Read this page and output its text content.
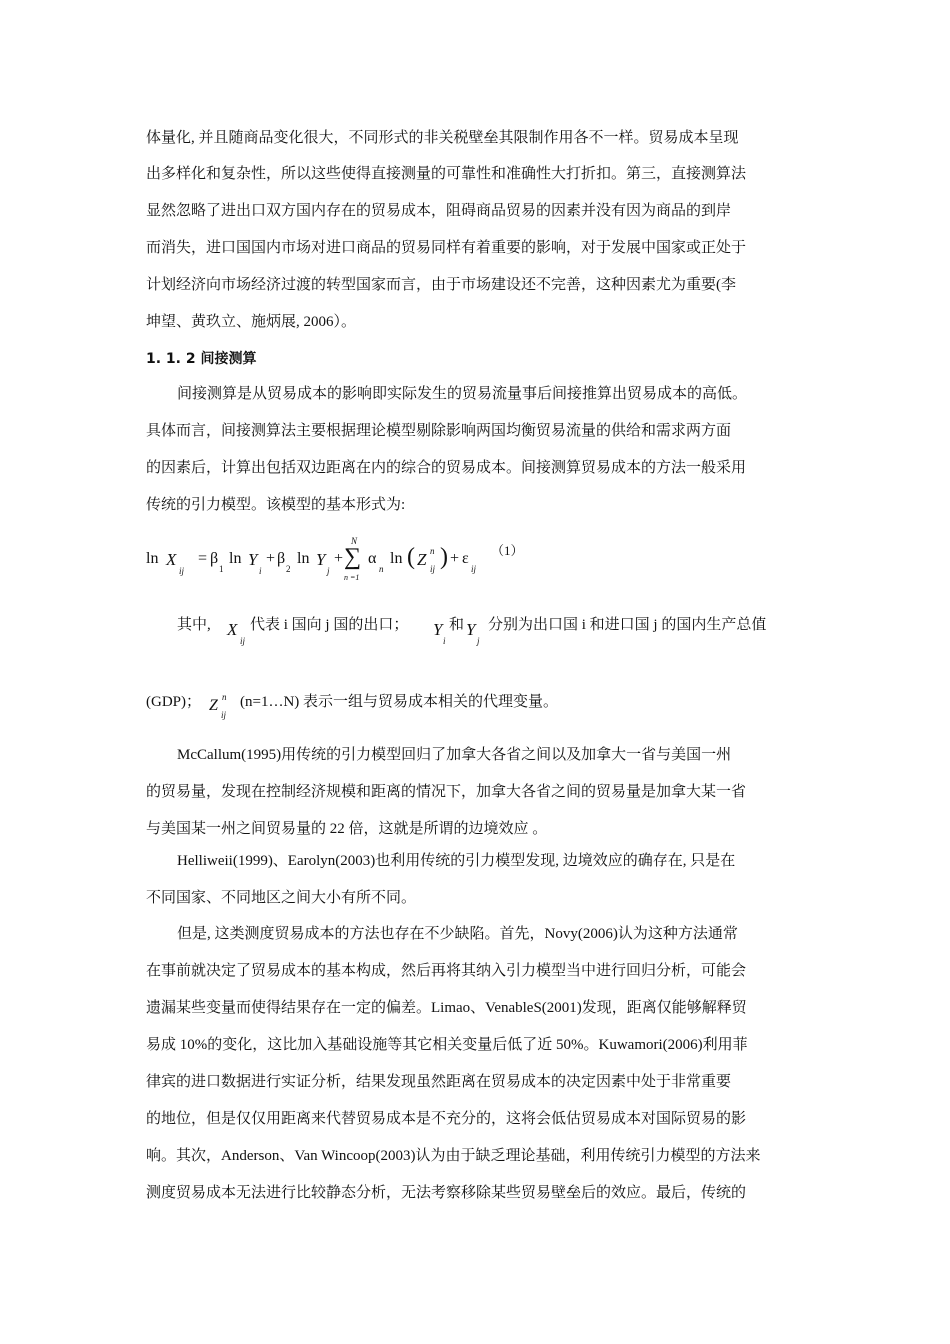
体量化, 并且随商品变化很大，不同形式的非关税壁垒其限制作用各不一样。贸易成本呈现
出多样化和复杂性，所以这些使得直接测量的可靠性和准确性大打折扣。第三，直接测算法
显然忽略了进出口双方国内存在的贸易成本，阻碍商品贸易的因素并没有因为商品的到岸
而消失，进口国国内市场对进口商品的贸易同样有着重要的影响，对于发展中国家或正处于
计划经济向市场经济过渡的转型国家而言，由于市场建设还不完善，这种因素尤为重要(李
坤望、黄玖立、施炳展, 2006）。
1. 1. 2 间接测算
间接测算是从贸易成本的影响即实际发生的贸易流量事后间接推算出贸易成本的高低。
具体而言，间接测算法主要根据理论模型剔除影响两国均衡贸易流量的供给和需求两方面
的因素后，计算出包括双边距离在内的综合的贸易成本。间接测算贸易成本的方法一般采用
传统的引力模型。该模型的基本形式为:
ln X
ij
= β
1
ln Y
i
+ β
2
ln Y
j
+
N
∑
n =1
α
n
ln ( Z n
ij ) + ε
ij
（1）
其中, X
ij
代表 i 国向 j 国的出口； Y
i
和 Y
j
分别为出口国 i 和进口国 j 的国内生产总值
(GDP)； Z n
ij
(n=1…N) 表示一组与贸易成本相关的代理变量。
McCallum(1995)用传统的引力模型回归了加拿大各省之间以及加拿大一省与美国一州
的贸易量，发现在控制经济规模和距离的情况下，加拿大各省之间的贸易量是加拿大某一省
与美国某一州之间贸易量的 22 倍，这就是所谓的边境效应 。
Helliweii(1999)、Earolyn(2003)也利用传统的引力模型发现, 边境效应的确存在, 只是在
不同国家、不同地区之间大小有所不同。
但是, 这类测度贸易成本的方法也存在不少缺陷。首先，Novy(2006)认为这种方法通常
在事前就决定了贸易成本的基本构成，然后再将其纳入引力模型当中进行回归分析，可能会
遗漏某些变量而使得结果存在一定的偏差。Limao、VenableS(2001)发现，距离仅能够解释贸
易成 10%的变化，这比加入基础设施等其它相关变量后低了近 50%。Kuwamori(2006)利用菲
律宾的进口数据进行实证分析，结果发现虽然距离在贸易成本的决定因素中处于非常重要
的地位，但是仅仅用距离来代替贸易成本是不充分的，这将会低估贸易成本对国际贸易的影
响。其次，Anderson、Van Wincoop(2003)认为由于缺乏理论基础，利用传统引力模型的方法来
测度贸易成本无法进行比较静态分析，无法考察移除某些贸易壁垒后的效应。最后，传统的
